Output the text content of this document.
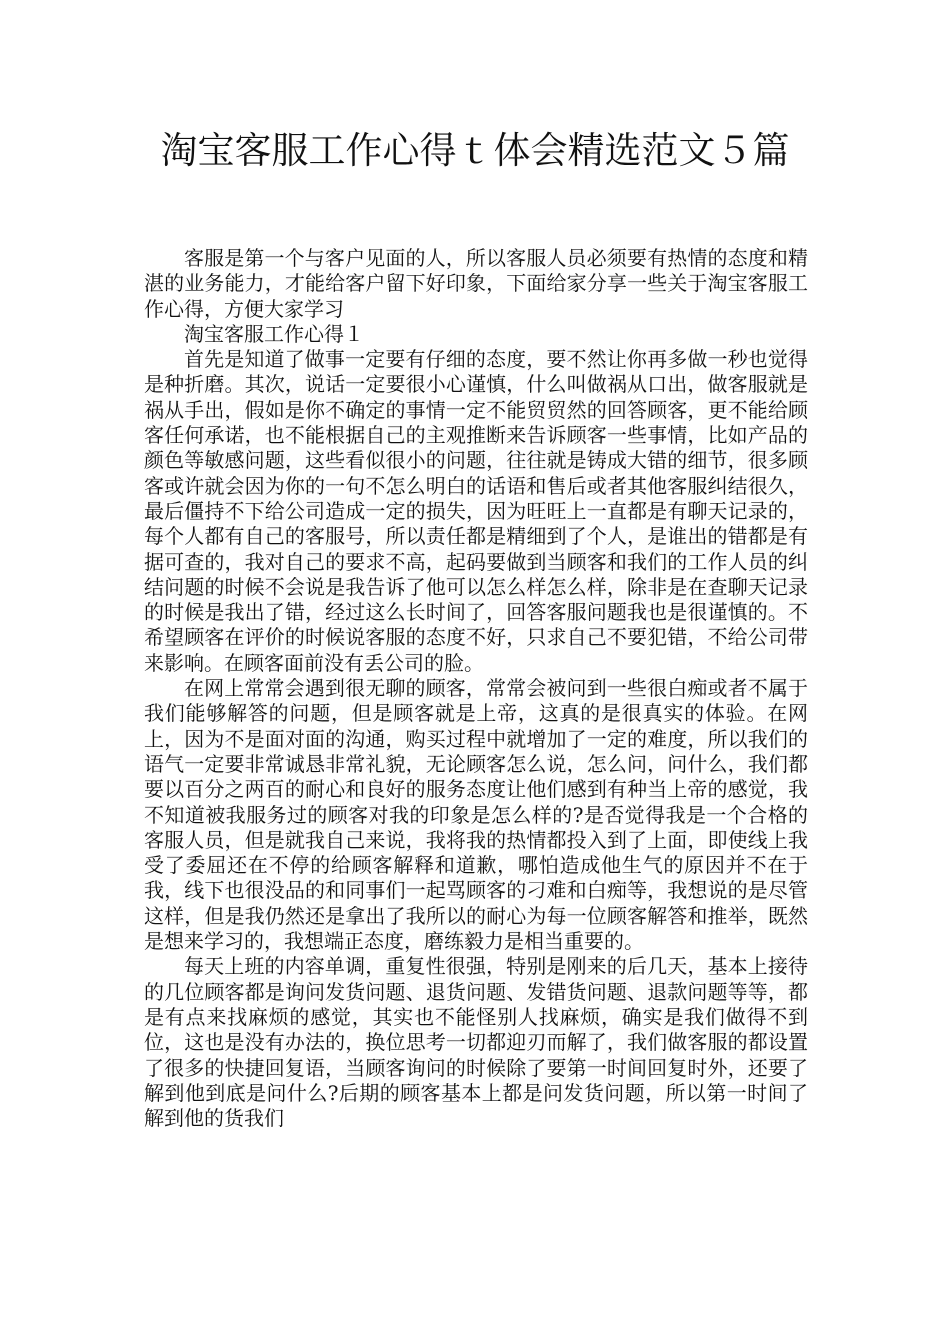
淘宝客服工作心得ｔ体会精选范文５篇

客服是第一个与客户见面的人，所以客服人员必须要有热情的态度和精湛的业务能力，才能给客户留下好印象，下面给家分享一些关于淘宝客服工作心得，方便大家学习

淘宝客服工作心得１

首先是知道了做事一定要有仔细的态度，要不然让你再多做一秒也觉得是种折磨。其次，说话一定要很小心谨慎，什么叫做祸从口出，做客服就是祸从手出，假如是你不确定的事情一定不能贸贸然的回答顾客，更不能给顾客任何承诺，也不能根据自己的主观推断来告诉顾客一些事情，比如产品的颜色等敏感问题，这些看似很小的问题，往往就是铸成大错的细节，很多顾客或许就会因为你的一句不怎么明白的话语和售后或者其他客服纠结很久，最后僵持不下给公司造成一定的损失，因为旺旺上一直都是有聊天记录的，每个人都有自己的客服号，所以责任都是精细到了个人，是谁出的错都是有据可查的，我对自己的要求不高，起码要做到当顾客和我们的工作人员的纠结问题的时候不会说是我告诉了他可以怎么样怎么样，除非是在查聊天记录的时候是我出了错，经过这么长时间了，回答客服问题我也是很谨慎的。不希望顾客在评价的时候说客服的态度不好，只求自己不要犯错，不给公司带来影响。在顾客面前没有丢公司的脸。

在网上常常会遇到很无聊的顾客，常常会被问到一些很白痴或者不属于我们能够解答的问题，但是顾客就是上帝，这真的是很真实的体验。在网上，因为不是面对面的沟通，购买过程中就增加了一定的难度，所以我们的语气一定要非常诚恳非常礼貌，无论顾客怎么说，怎么问，问什么，我们都要以百分之两百的耐心和良好的服务态度让他们感到有种当上帝的感觉，我不知道被我服务过的顾客对我的印象是怎么样的?是否觉得我是一个合格的客服人员，但是就我自己来说，我将我的热情都投入到了上面，即使线上我受了委屈还在不停的给顾客解释和道歉，哪怕造成他生气的原因并不在于我，线下也很没品的和同事们一起骂顾客的刁难和白痴等，我想说的是尽管这样，但是我仍然还是拿出了我所以的耐心为每一位顾客解答和推举，既然是想来学习的，我想端正态度，磨练毅力是相当重要的。

每天上班的内容单调，重复性很强，特别是刚来的后几天，基本上接待的几位顾客都是询问发货问题、退货问题、发错货问题、退款问题等等，都是有点来找麻烦的感觉，其实也不能怪别人找麻烦，确实是我们做得不到位，这也是没有办法的，换位思考一切都迎刃而解了，我们做客服的都设置了很多的快捷回复语，当顾客询问的时候除了要第一时间回复时外，还要了解到他到底是问什么?后期的顾客基本上都是问发货问题，所以第一时间了解到他的货我们
